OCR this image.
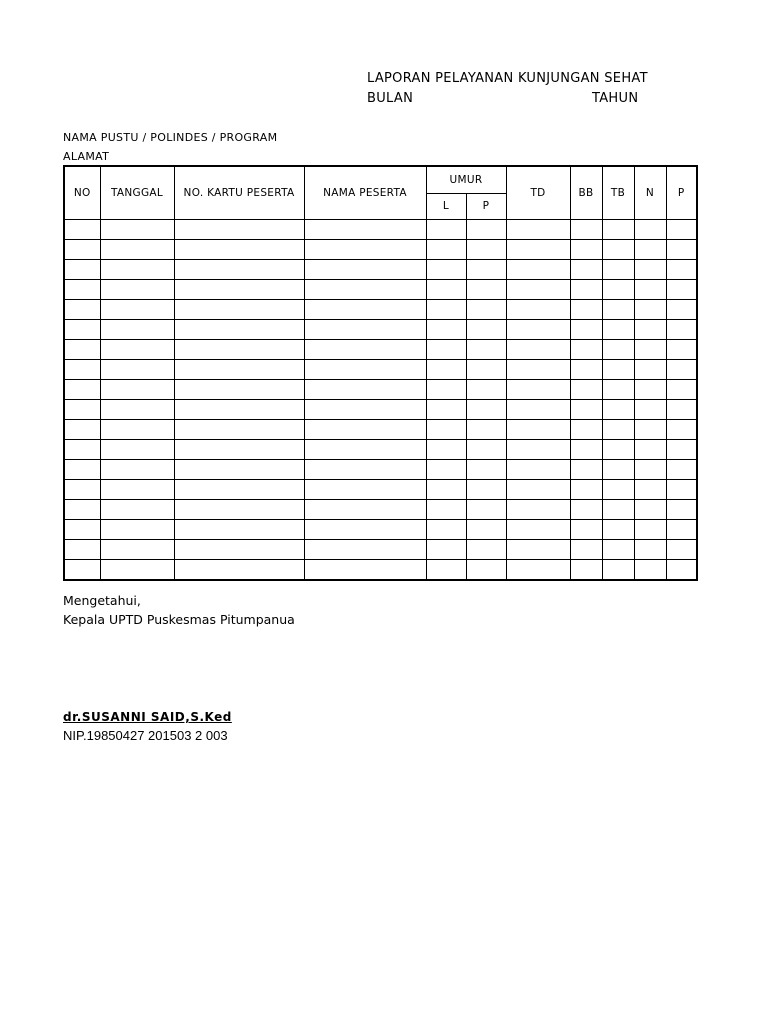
LAPORAN PELAYANAN KUNJUNGAN SEHAT
BULAN	TAHUN
NAMA PUSTU / POLINDES / PROGRAM
ALAMAT
NO	TANGGAL	NO. KARTU PESERTA	NAMA PESERTA	UMUR		TD	BB	TB	N	P
				L	P					

Mengetahui,
Kepala UPTD Puskesmas Pitumpanua
dr.SUSANNI SAID,S.Ked
NIP.19850427 201503 2 003
